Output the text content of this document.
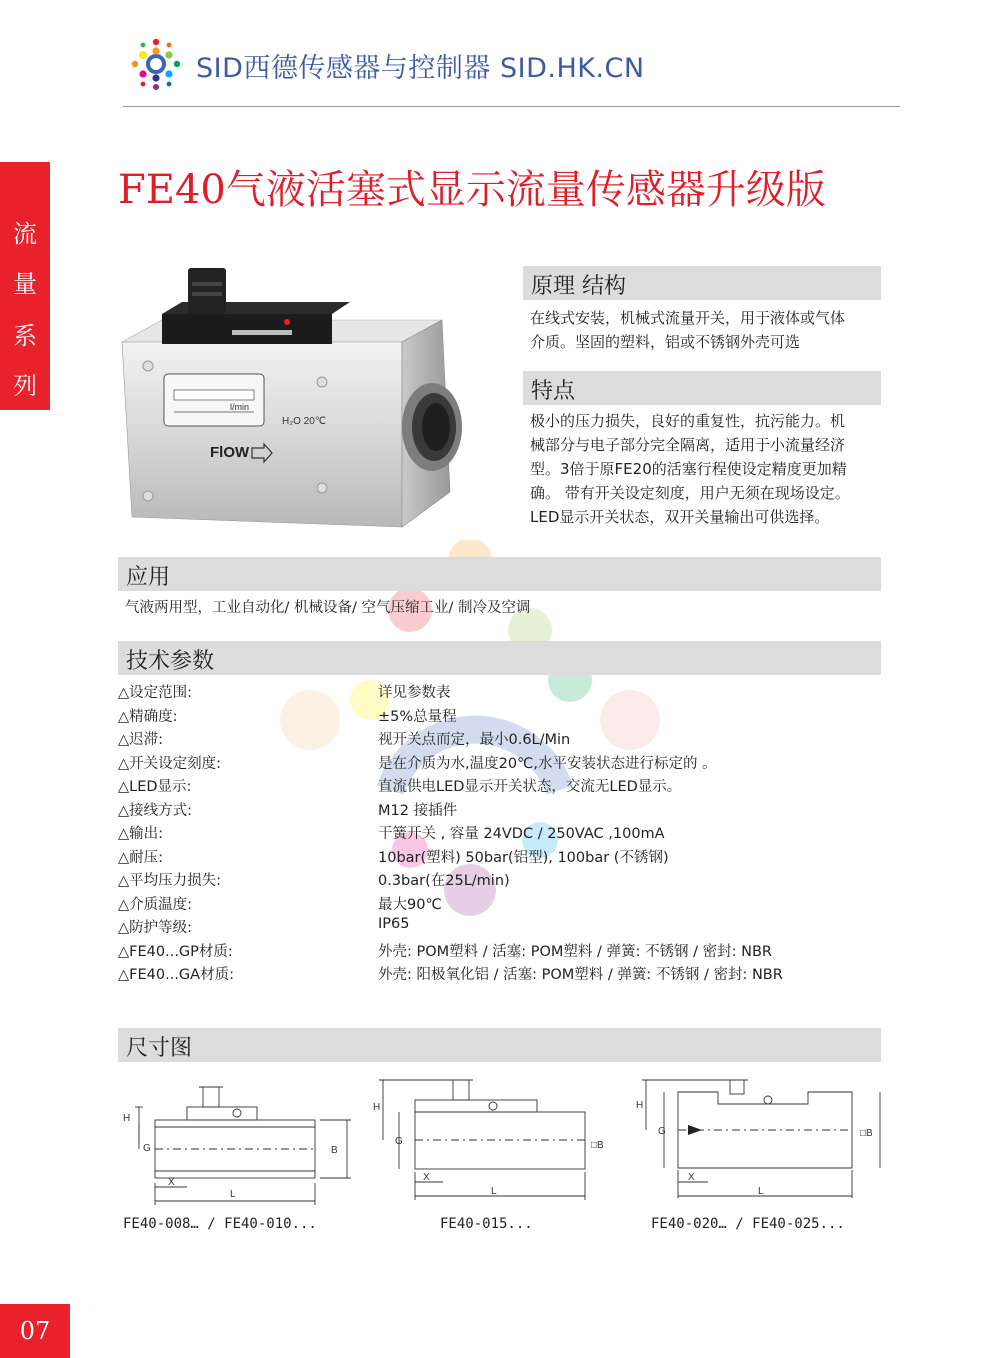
SID西德传感器与控制器 SID.HK.CN
流
量
系
列
FE40气液活塞式显示流量传感器升级版
l/min
H₂O 20℃
FlOW
原理 结构
在线式安装，机械式流量开关，用于液体或气体
介质。坚固的塑料，铝或不锈钢外壳可选
特点
极小的压力损失，良好的重复性，抗污能力。机
械部分与电子部分完全隔离，适用于小流量经济
型。3倍于原FE20的活塞行程使设定精度更加精
确。 带有开关设定刻度，用户无须在现场设定。
LED显示开关状态，双开关量输出可供选择。
应用
气液两用型，工业自动化/ 机械设备/ 空气压缩工业/ 制冷及空调
技术参数
尺寸图
H
G	B
X
L
FE40-008… / FE40-010...
H
G	□B
X
L
FE40-015...
H
G	□B
X
L
FE40-020… / FE40-025...
07
△设定范围:	详见参数表
△精确度:	±5%总量程
△迟滞:	视开关点而定，最小0.6L/Min
△开关设定刻度:	是在介质为水,温度20℃,水平安装状态进行标定的 。
△LED显示:	直流供电LED显示开关状态，交流无LED显示。
△接线方式:	M12 接插件
△输出:	干簧开关 , 容量 24VDC / 250VAC ,100mA
△耐压:	10bar(塑料) 50bar(铝型), 100bar (不锈钢)
△平均压力损失:	0.3bar(在25L/min)
△介质温度:	最大90℃
△防护等级:	IP65
△FE40...GP材质:	外壳: POM塑料 / 活塞: POM塑料 / 弹簧: 不锈钢 / 密封: NBR
△FE40...GA材质:	外壳: 阳极氧化铝 / 活塞: POM塑料 / 弹簧: 不锈钢 / 密封: NBR
